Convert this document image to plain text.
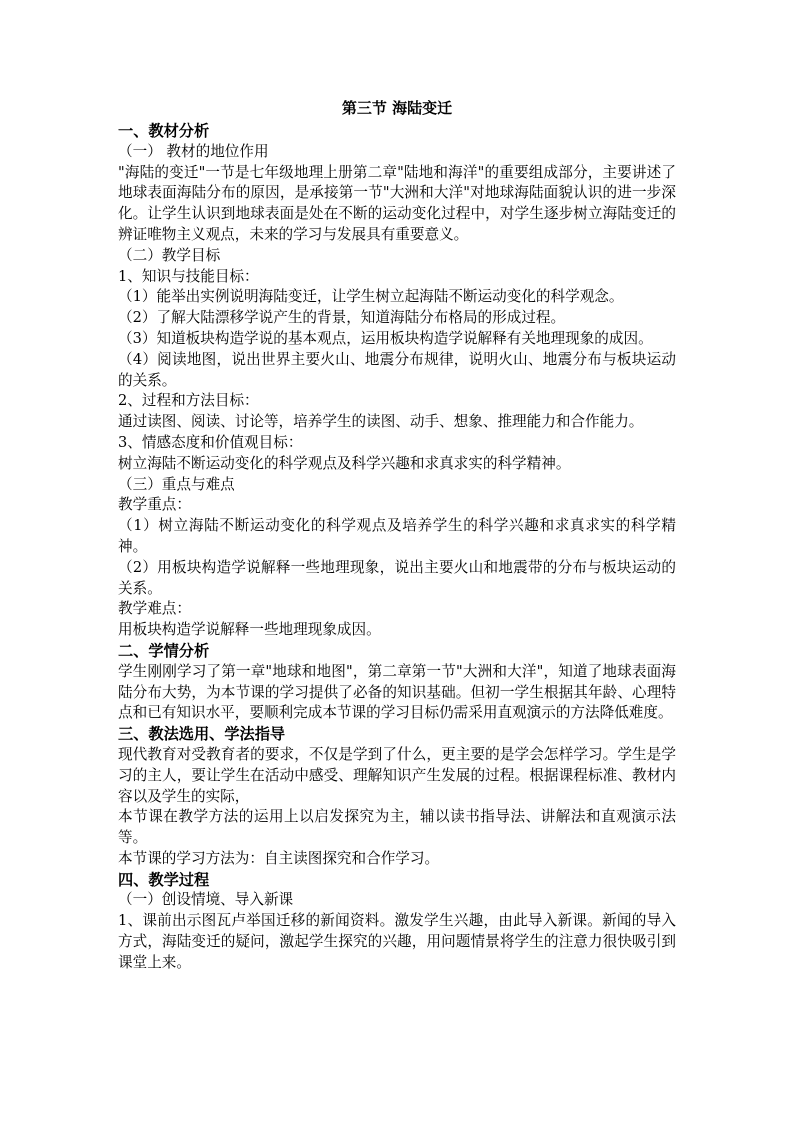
第三节 海陆变迁

一、教材分析

（一） 教材的地位作用

"海陆的变迁"一节是七年级地理上册第二章"陆地和海洋"的重要组成部分，主要讲述了地球表面海陆分布的原因，是承接第一节"大洲和大洋"对地球海陆面貌认识的进一步深化。让学生认识到地球表面是处在不断的运动变化过程中，对学生逐步树立海陆变迁的辨证唯物主义观点，未来的学习与发展具有重要意义。

（二）教学目标

1、知识与技能目标：

（1）能举出实例说明海陆变迁，让学生树立起海陆不断运动变化的科学观念。

（2）了解大陆漂移学说产生的背景，知道海陆分布格局的形成过程。

（3）知道板块构造学说的基本观点，运用板块构造学说解释有关地理现象的成因。

（4）阅读地图，说出世界主要火山、地震分布规律，说明火山、地震分布与板块运动的关系。

2、过程和方法目标：

通过读图、阅读、讨论等，培养学生的读图、动手、想象、推理能力和合作能力。

3、情感态度和价值观目标：

树立海陆不断运动变化的科学观点及科学兴趣和求真求实的科学精神。

（三）重点与难点

教学重点：

（1）树立海陆不断运动变化的科学观点及培养学生的科学兴趣和求真求实的科学精神。

（2）用板块构造学说解释一些地理现象，说出主要火山和地震带的分布与板块运动的关系。

教学难点：

用板块构造学说解释一些地理现象成因。

二、学情分析

学生刚刚学习了第一章"地球和地图"，第二章第一节"大洲和大洋"，知道了地球表面海陆分布大势，为本节课的学习提供了必备的知识基础。但初一学生根据其年龄、心理特点和已有知识水平，要顺利完成本节课的学习目标仍需采用直观演示的方法降低难度。

三、教法选用、学法指导

现代教育对受教育者的要求，不仅是学到了什么，更主要的是学会怎样学习。学生是学习的主人，要让学生在活动中感受、理解知识产生发展的过程。根据课程标准、教材内容以及学生的实际，

本节课在教学方法的运用上以启发探究为主，辅以读书指导法、讲解法和直观演示法等。

本节课的学习方法为：自主读图探究和合作学习。

四、教学过程

（一）创设情境、导入新课

1、课前出示图瓦卢举国迁移的新闻资料。激发学生兴趣，由此导入新课。新闻的导入方式，海陆变迁的疑问，激起学生探究的兴趣，用问题情景将学生的注意力很快吸引到课堂上来。
